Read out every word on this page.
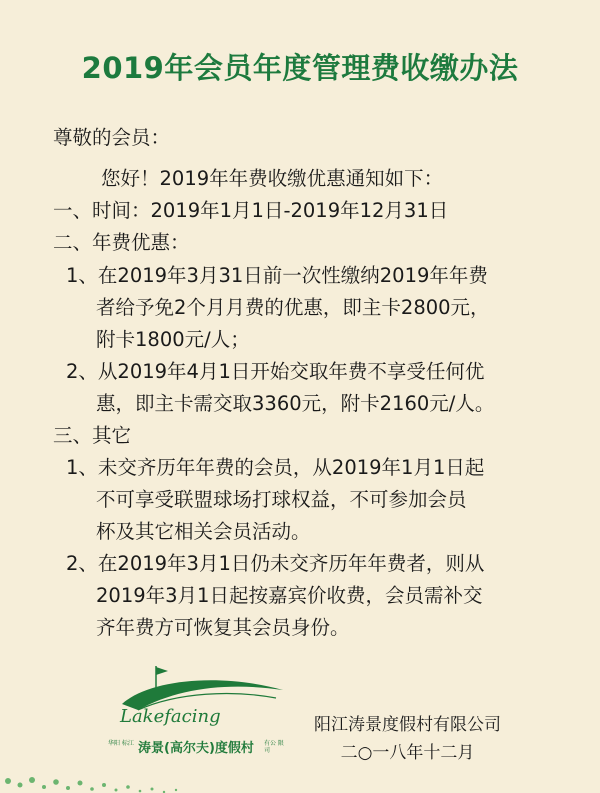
2019年会员年度管理费收缴办法
尊敬的会员：
您好！2019年年费收缴优惠通知如下：
一、时间：2019年1月1日-2019年12月31日
二、年费优惠：
1、在2019年3月31日前一次性缴纳2019年年费
者给予免2个月月费的优惠，即主卡2800元，
附卡1800元/人；
2、从2019年4月1日开始交取年费不享受任何优
惠，即主卡需交取3360元，附卡2160元/人。
三、其它
1、未交齐历年年费的会员，从2019年1月1日起
不可享受联盟球场打球权益，不可参加会员
杯及其它相关会员活动。
2、在2019年3月1日仍未交齐历年年费者，则从
2019年3月1日起按嘉宾价收费，会员需补交
齐年费方可恢复其会员身份。
Lakefacing
华阳 标江 涛景(高尔夫)度假村 有公 限司
阳江涛景度假村有限公司
二○一八年十二月
